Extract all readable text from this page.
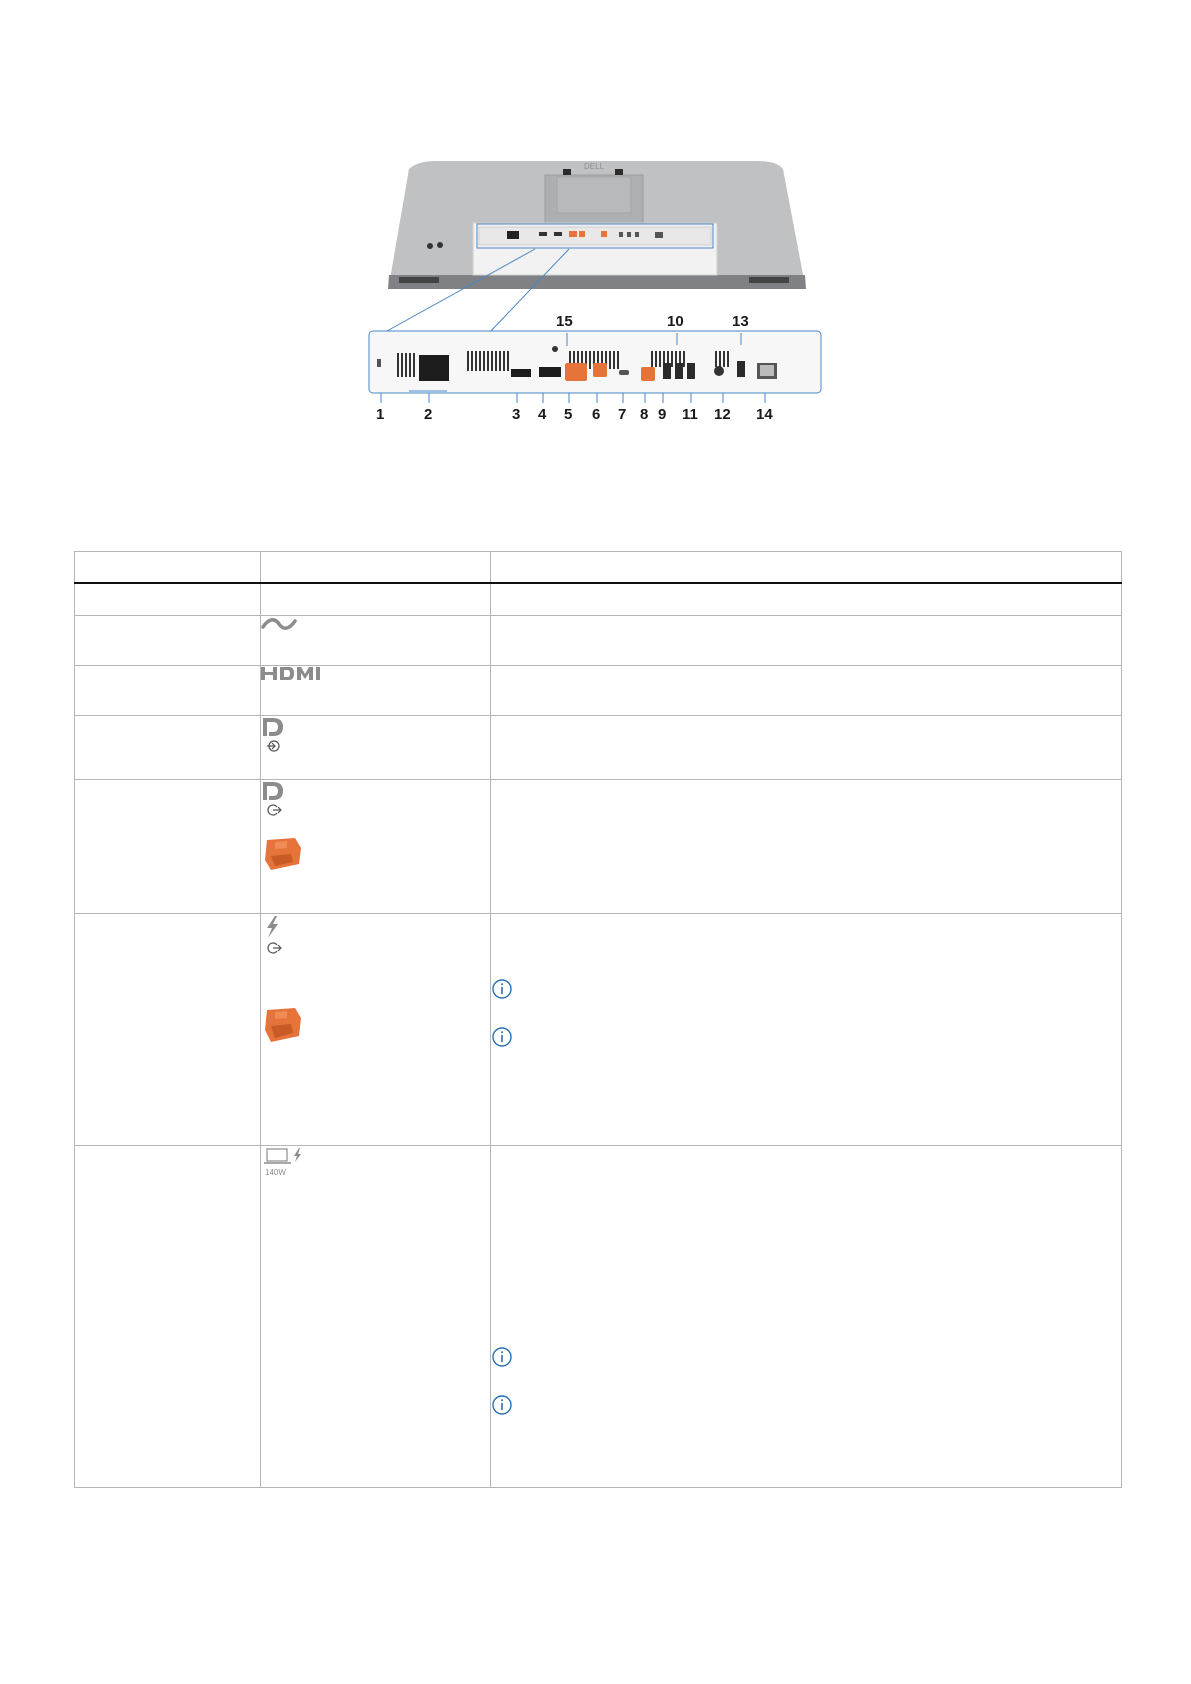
DELL
15	10	13
1	2	3 4 5 6 7 8 9 11 12 14

140W
